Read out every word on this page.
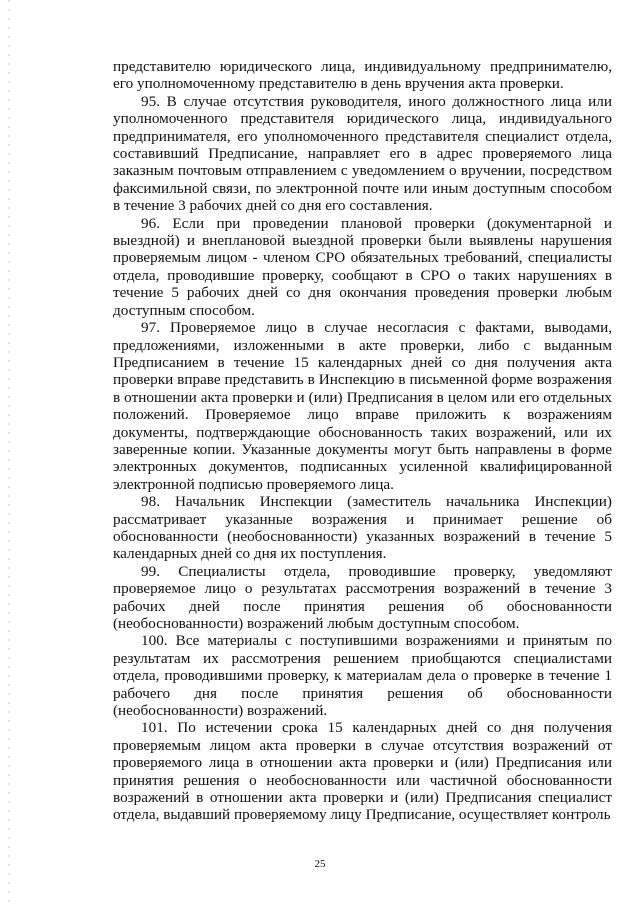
представителю юридического лица, индивидуальному предпринимателю, его уполномоченному представителю в день вручения акта проверки.

95. В случае отсутствия руководителя, иного должностного лица или уполномоченного представителя юридического лица, индивидуального предпринимателя, его уполномоченного представителя специалист отдела, составивший Предписание, направляет его в адрес проверяемого лица заказным почтовым отправлением с уведомлением о вручении, посредством факсимильной связи, по электронной почте или иным доступным способом в течение 3 рабочих дней со дня его составления.

96. Если при проведении плановой проверки (документарной и выездной) и внеплановой выездной проверки были выявлены нарушения проверяемым лицом - членом СРО обязательных требований, специалисты отдела, проводившие проверку, сообщают в СРО о таких нарушениях в течение 5 рабочих дней со дня окончания проведения проверки любым доступным способом.

97. Проверяемое лицо в случае несогласия с фактами, выводами, предложениями, изложенными в акте проверки, либо с выданным Предписанием в течение 15 календарных дней со дня получения акта проверки вправе представить в Инспекцию в письменной форме возражения в отношении акта проверки и (или) Предписания в целом или его отдельных положений. Проверяемое лицо вправе приложить к возражениям документы, подтверждающие обоснованность таких возражений, или их заверенные копии. Указанные документы могут быть направлены в форме электронных документов, подписанных усиленной квалифицированной электронной подписью проверяемого лица.

98. Начальник Инспекции (заместитель начальника Инспекции) рассматривает указанные возражения и принимает решение об обоснованности (необоснованности) указанных возражений в течение 5 календарных дней со дня их поступления.

99. Специалисты отдела, проводившие проверку, уведомляют проверяемое лицо о результатах рассмотрения возражений в течение 3 рабочих дней после принятия решения об обоснованности (необоснованности) возражений любым доступным способом.

100. Все материалы с поступившими возражениями и принятым по результатам их рассмотрения решением приобщаются специалистами отдела, проводившими проверку, к материалам дела о проверке в течение 1 рабочего дня после принятия решения об обоснованности (необоснованности) возражений.

101. По истечении срока 15 календарных дней со дня получения проверяемым лицом акта проверки в случае отсутствия возражений от проверяемого лица в отношении акта проверки и (или) Предписания или принятия решения о необоснованности или частичной обоснованности возражений в отношении акта проверки и (или) Предписания специалист отдела, выдавший проверяемому лицу Предписание, осуществляет контроль

25
